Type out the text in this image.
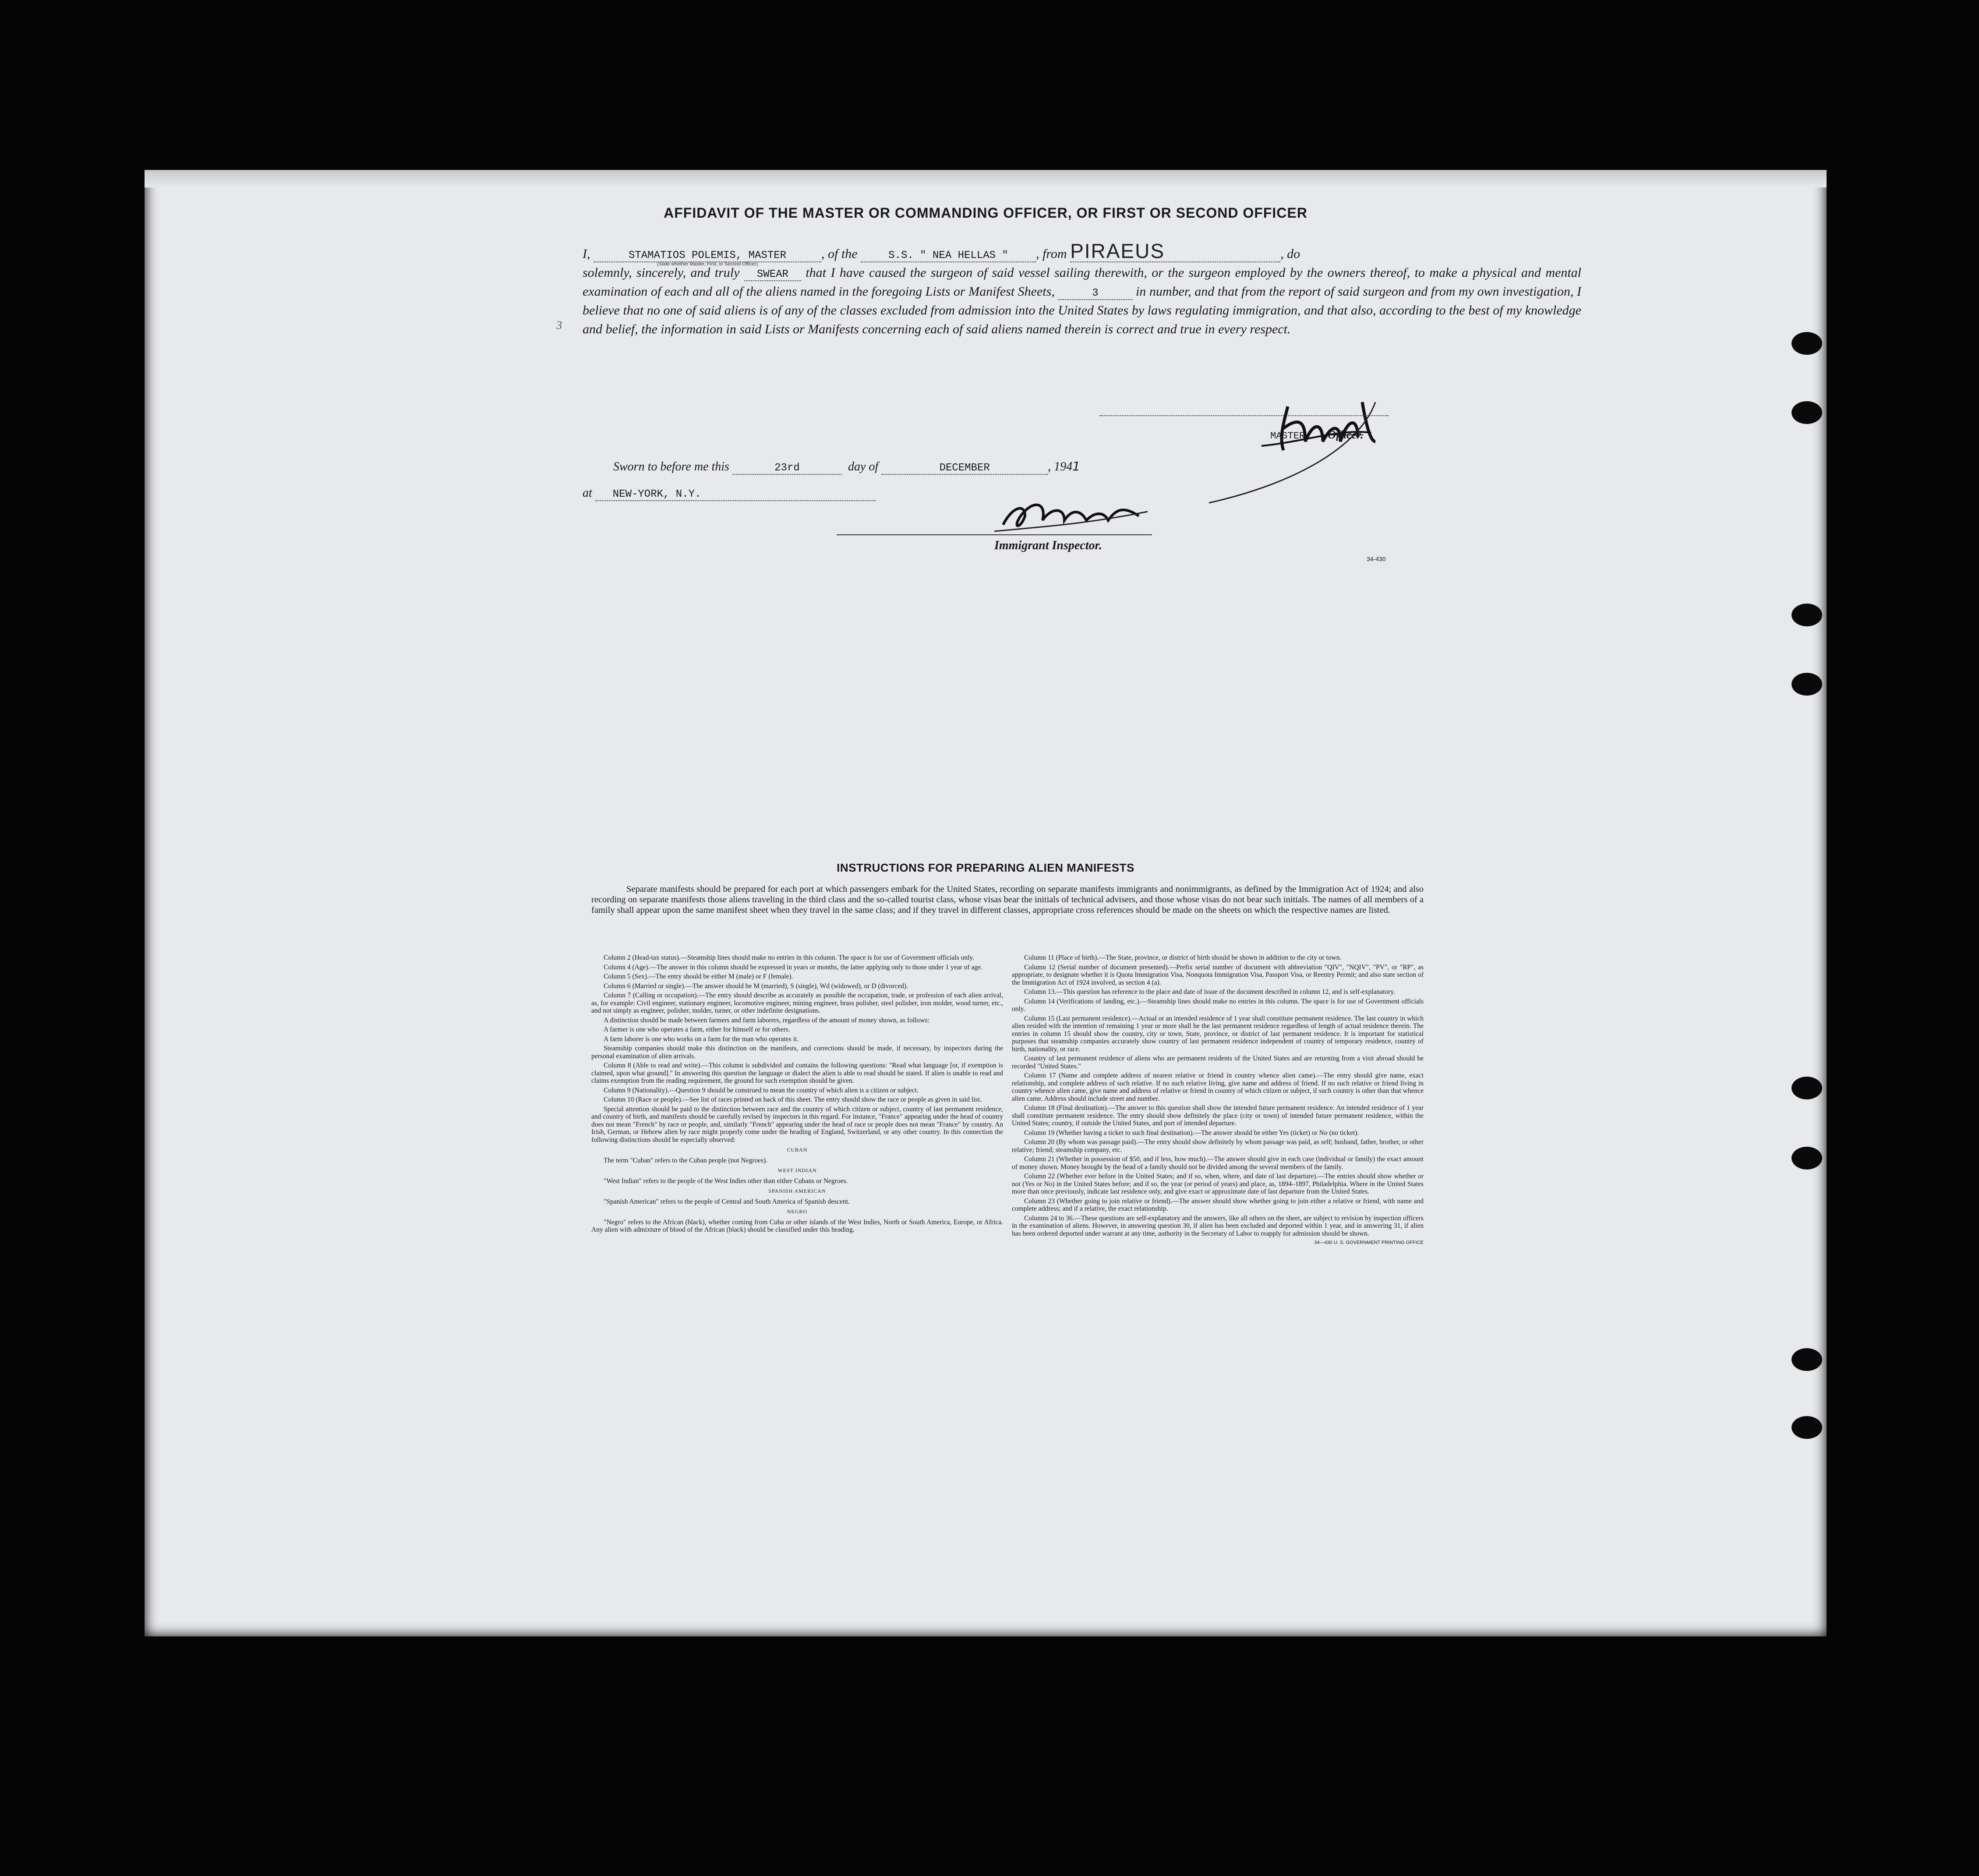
3
AFFIDAVIT OF THE MASTER OR COMMANDING OFFICER, OR FIRST OR SECOND OFFICER
I,	STAMATIOS POLEMIS, MASTER
(State whether Master, First, or Second Officer)
, of the	S.S. " NEA HELLAS " , from PIRAEUS	, do
solemnly, sincerely, and truly SWEAR that I have caused the surgeon of said vessel sailing therewith, or the surgeon employed by the owners thereof, to make a physical and mental examination of each and all of the aliens named in the foregoing Lists or Manifest Sheets,	3	in number, and that from the report of said surgeon and from my own investigation, I believe that no one of said aliens is of any of the classes excluded from admission into the United States by laws regulating immigration, and that also, according to the best of my knowledge and belief, the information in said Lists or Manifests concerning each of said aliens named therein is correct and true in every respect.
MASTER Officer.
Sworn to before me this	23rd	day of	DECEMBER	, 1941
at NEW-YORK, N.Y.
Immigrant Inspector.
34-430
INSTRUCTIONS FOR PREPARING ALIEN MANIFESTS
Separate manifests should be prepared for each port at which passengers embark for the United States, recording on separate manifests immigrants and nonimmigrants, as defined by the Immigration Act of 1924; and also recording on separate manifests those aliens traveling in the third class and the so-called tourist class, whose visas bear the initials of technical advisers, and those whose visas do not bear such initials. The names of all members of a family shall appear upon the same manifest sheet when they travel in the same class; and if they travel in different classes, appropriate cross references should be made on the sheets on which the respective names are listed.

Column 2 (Head-tax status).—Steamship lines should make no entries in this column. The space is for use of Government officials only.

Column 4 (Age).—The answer in this column should be expressed in years or months, the latter applying only to those under 1 year of age.

Column 5 (Sex).—The entry should be either M (male) or F (female).

Column 6 (Married or single).—The answer should be M (married), S (single), Wd (widowed), or D (divorced).

Column 7 (Calling or occupation).—The entry should describe as accurately as possible the occupation, trade, or profession of each alien arrival, as, for example: Civil engineer, stationary engineer, locomotive engineer, mining engineer, brass polisher, steel polisher, iron molder, wood turner, etc., and not simply as engineer, polisher, molder, turner, or other indefinite designations.

A distinction should be made between farmers and farm laborers, regardless of the amount of money shown, as follows:

A farmer is one who operates a farm, either for himself or for others.

A farm laborer is one who works on a farm for the man who operates it.

Steamship companies should make this distinction on the manifests, and corrections should be made, if necessary, by inspectors during the personal examination of alien arrivals.

Column 8 (Able to read and write).—This column is subdivided and contains the following questions: "Read what language [or, if exemption is claimed, upon what ground]." In answering this question the language or dialect the alien is able to read should be stated. If alien is unable to read and claims exemption from the reading requirement, the ground for such exemption should be given.

Column 9 (Nationality).—Question 9 should be construed to mean the country of which alien is a citizen or subject.

Column 10 (Race or people).—See list of races printed on back of this sheet. The entry should show the race or people as given in said list.

Special attention should be paid to the distinction between race and the country of which citizen or subject, country of last permanent residence, and country of birth, and manifests should be carefully revised by inspectors in this regard. For instance, "France" appearing under the head of country does not mean "French" by race or people, and, similarly "French" appearing under the head of race or people does not mean "France" by country. An Irish, German, or Hebrew alien by race might properly come under the heading of England, Switzerland, or any other country. In this connection the following distinctions should be especially observed:

CUBAN

The term "Cuban" refers to the Cuban people (not Negroes).

WEST INDIAN

"West Indian" refers to the people of the West Indies other than either Cubans or Negroes.

SPANISH AMERICAN

"Spanish American" refers to the people of Central and South America of Spanish descent.

NEGRO

"Negro" refers to the African (black), whether coming from Cuba or other islands of the West Indies, North or South America, Europe, or Africa. Any alien with admixture of blood of the African (black) should be classified under this heading.

Column 11 (Place of birth).—The State, province, or district of birth should be shown in addition to the city or town.

Column 12 (Serial number of document presented).—Prefix serial number of document with abbreviation "QIV", "NQIV", "PV", or "RP", as appropriate, to designate whether it is Quota Immigration Visa, Nonquota Immigration Visa, Passport Visa, or Reentry Permit; and also state section of the Immigration Act of 1924 involved, as section 4 (a).

Column 13.—This question has reference to the place and date of issue of the document described in column 12, and is self-explanatory.

Column 14 (Verifications of landing, etc.).—Steamship lines should make no entries in this column. The space is for use of Government officials only.

Column 15 (Last permanent residence).—Actual or an intended residence of 1 year shall constitute permanent residence. The last country in which alien resided with the intention of remaining 1 year or more shall be the last permanent residence regardless of length of actual residence therein. The entries in column 15 should show the country, city or town, State, province, or district of last permanent residence. It is important for statistical purposes that steamship companies accurately show country of last permanent residence independent of country of temporary residence, country of birth, nationality, or race.

Country of last permanent residence of aliens who are permanent residents of the United States and are returning from a visit abroad should be recorded "United States."

Column 17 (Name and complete address of nearest relative or friend in country whence alien came).—The entry should give name, exact relationship, and complete address of such relative. If no such relative living, give name and address of friend. If no such relative or friend living in country whence alien came, give name and address of relative or friend in country of which citizen or subject, if such country is other than that whence alien came. Address should include street and number.

Column 18 (Final destination).—The answer to this question shall show the intended future permanent residence. An intended residence of 1 year shall constitute permanent residence. The entry should show definitely the place (city or town) of intended future permanent residence, within the United States; country, if outside the United States, and port of intended departure.

Column 19 (Whether having a ticket to such final destination).—The answer should be either Yes (ticket) or No (no ticket).

Column 20 (By whom was passage paid).—The entry should show definitely by whom passage was paid, as self; husband, father, brother, or other relative; friend; steamship company, etc.

Column 21 (Whether in possession of $50, and if less, how much).—The answer should give in each case (individual or family) the exact amount of money shown. Money brought by the head of a family should not be divided among the several members of the family.

Column 22 (Whether ever before in the United States; and if so, when, where, and date of last departure).—The entries should show whether or not (Yes or No) in the United States before; and if so, the year (or period of years) and place, as, 1894–1897, Philadelphia. Where in the United States more than once previously, indicate last residence only, and give exact or approximate date of last departure from the United States.

Column 23 (Whether going to join relative or friend).—The answer should show whether going to join either a relative or friend, with name and complete address; and if a relative, the exact relationship.

Columns 24 to 36.—These questions are self-explanatory and the answers, like all others on the sheet, are subject to revision by inspection officers in the examination of aliens. However, in answering question 30, if alien has been excluded and deported within 1 year, and in answering 31, if alien has been ordered deported under warrant at any time, authority in the Secretary of Labor to reapply for admission should be shown.

34—430 U. S. GOVERNMENT PRINTING OFFICE
